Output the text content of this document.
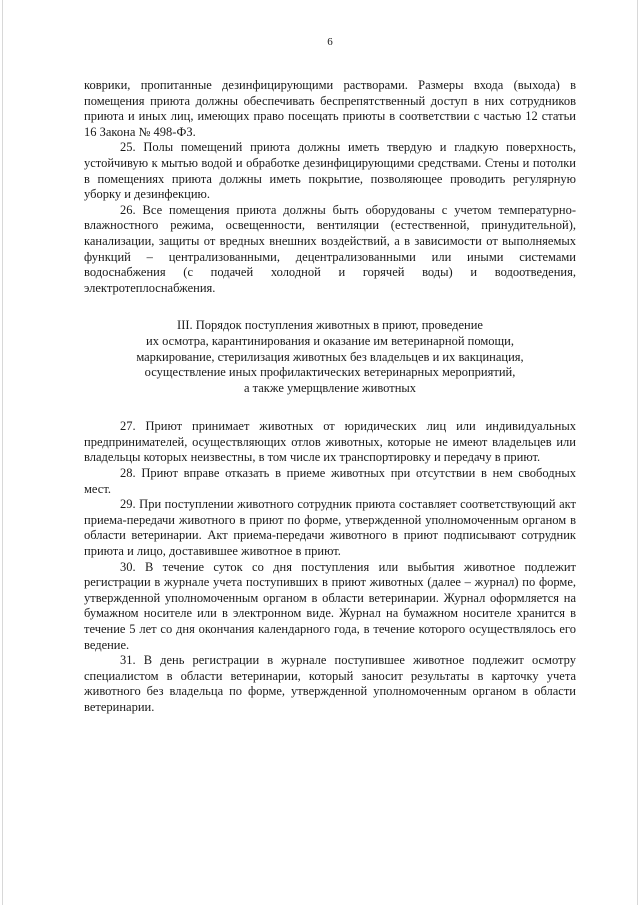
6

коврики, пропитанные дезинфицирующими растворами. Размеры входа (выхода) в помещения приюта должны обеспечивать беспрепятственный доступ в них сотрудников приюта и иных лиц, имеющих право посещать приюты в соответствии с частью 12 статьи 16 Закона № 498-ФЗ.

25. Полы помещений приюта должны иметь твердую и гладкую поверхность, устойчивую к мытью водой и обработке дезинфицирующими средствами. Стены и потолки в помещениях приюта должны иметь покрытие, позволяющее проводить регулярную уборку и дезинфекцию.

26. Все помещения приюта должны быть оборудованы с учетом температурно-влажностного режима, освещенности, вентиляции (естественной, принудительной), канализации, защиты от вредных внешних воздействий, а в зависимости от выполняемых функций – централизованными, децентрализованными или иными системами водоснабжения (с подачей холодной и горячей воды) и водоотведения, электротеплоснабжения.

III. Порядок поступления животных в приют, проведение
их осмотра, карантинирования и оказание им ветеринарной помощи,
маркирование, стерилизация животных без владельцев и их вакцинация,
осуществление иных профилактических ветеринарных мероприятий,
а также умерщвление животных

27. Приют принимает животных от юридических лиц или индивидуальных предпринимателей, осуществляющих отлов животных, которые не имеют владельцев или владельцы которых неизвестны, в том числе их транспортировку и передачу в приют.

28. Приют вправе отказать в приеме животных при отсутствии в нем свободных мест.

29. При поступлении животного сотрудник приюта составляет соответствующий акт приема-передачи животного в приют по форме, утвержденной уполномоченным органом в области ветеринарии. Акт приема-передачи животного в приют подписывают сотрудник приюта и лицо, доставившее животное в приют.

30. В течение суток со дня поступления или выбытия животное подлежит регистрации в журнале учета поступивших в приют животных (далее – журнал) по форме, утвержденной уполномоченным органом в области ветеринарии. Журнал оформляется на бумажном носителе или в электронном виде. Журнал на бумажном носителе хранится в течение 5 лет со дня окончания календарного года, в течение которого осуществлялось его ведение.

31. В день регистрации в журнале поступившее животное подлежит осмотру специалистом в области ветеринарии, который заносит результаты в карточку учета животного без владельца по форме, утвержденной уполномоченным органом в области ветеринарии.
